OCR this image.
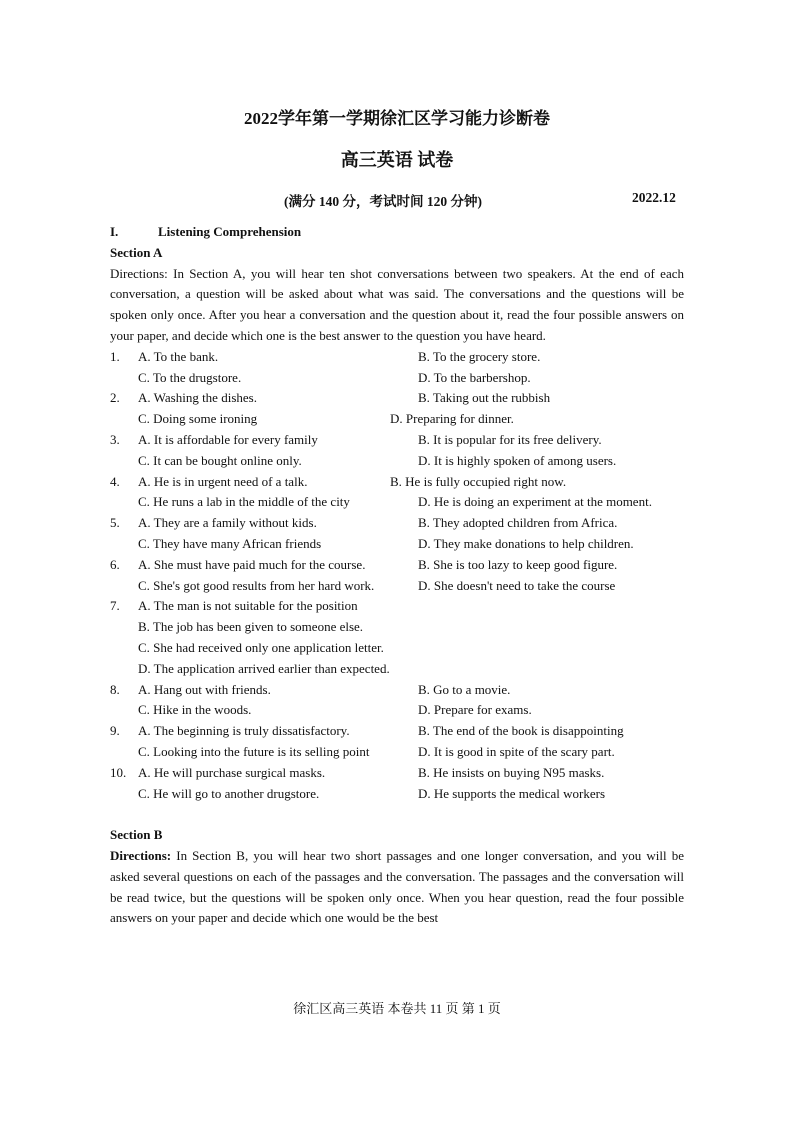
2022学年第一学期徐汇区学习能力诊断卷
高三英语 试卷
(满分 140 分，考试时间 120 分钟)	2022.12
I.	Listening Comprehension
Section A
Directions: In Section A, you will hear ten shot conversations between two speakers. At the end of each conversation, a question will be asked about what was said. The conversations and the questions will be spoken only once. After you hear a conversation and the question about it, read the four possible answers on your paper, and decide which one is the best answer to the question you have heard.
1. A. To the bank.	B. To the grocery store.
C. To the drugstore.	D. To the barbershop.
2. A. Washing the dishes.	B. Taking out the rubbish
C. Doing some ironing	D. Preparing for dinner.
3. A. It is affordable for every family	B. It is popular for its free delivery.
C. It can be bought online only.	D. It is highly spoken of among users.
4. A. He is in urgent need of a talk.	B. He is fully occupied right now.
C. He runs a lab in the middle of the city	D. He is doing an experiment at the moment.
5. A. They are a family without kids.	B. They adopted children from Africa.
C. They have many African friends	D. They make donations to help children.
6. A. She must have paid much for the course.	B. She is too lazy to keep good figure.
C. She's got good results from her hard work.	D. She doesn't need to take the course
7. A. The man is not suitable for the position
B. The job has been given to someone else.
C. She had received only one application letter.
D. The application arrived earlier than expected.
8. A. Hang out with friends.	B. Go to a movie.
C. Hike in the woods.	D. Prepare for exams.
9. A. The beginning is truly dissatisfactory.	B. The end of the book is disappointing
C. Looking into the future is its selling point	D. It is good in spite of the scary part.
10. A. He will purchase surgical masks.	B. He insists on buying N95 masks.
C. He will go to another drugstore.	D. He supports the medical workers
Section B
Directions: In Section B, you will hear two short passages and one longer conversation, and you will be asked several questions on each of the passages and the conversation. The passages and the conversation will be read twice, but the questions will be spoken only once. When you hear question, read the four possible answers on your paper and decide which one would be the best
徐汇区高三英语 本卷共 11 页 第 1 页
